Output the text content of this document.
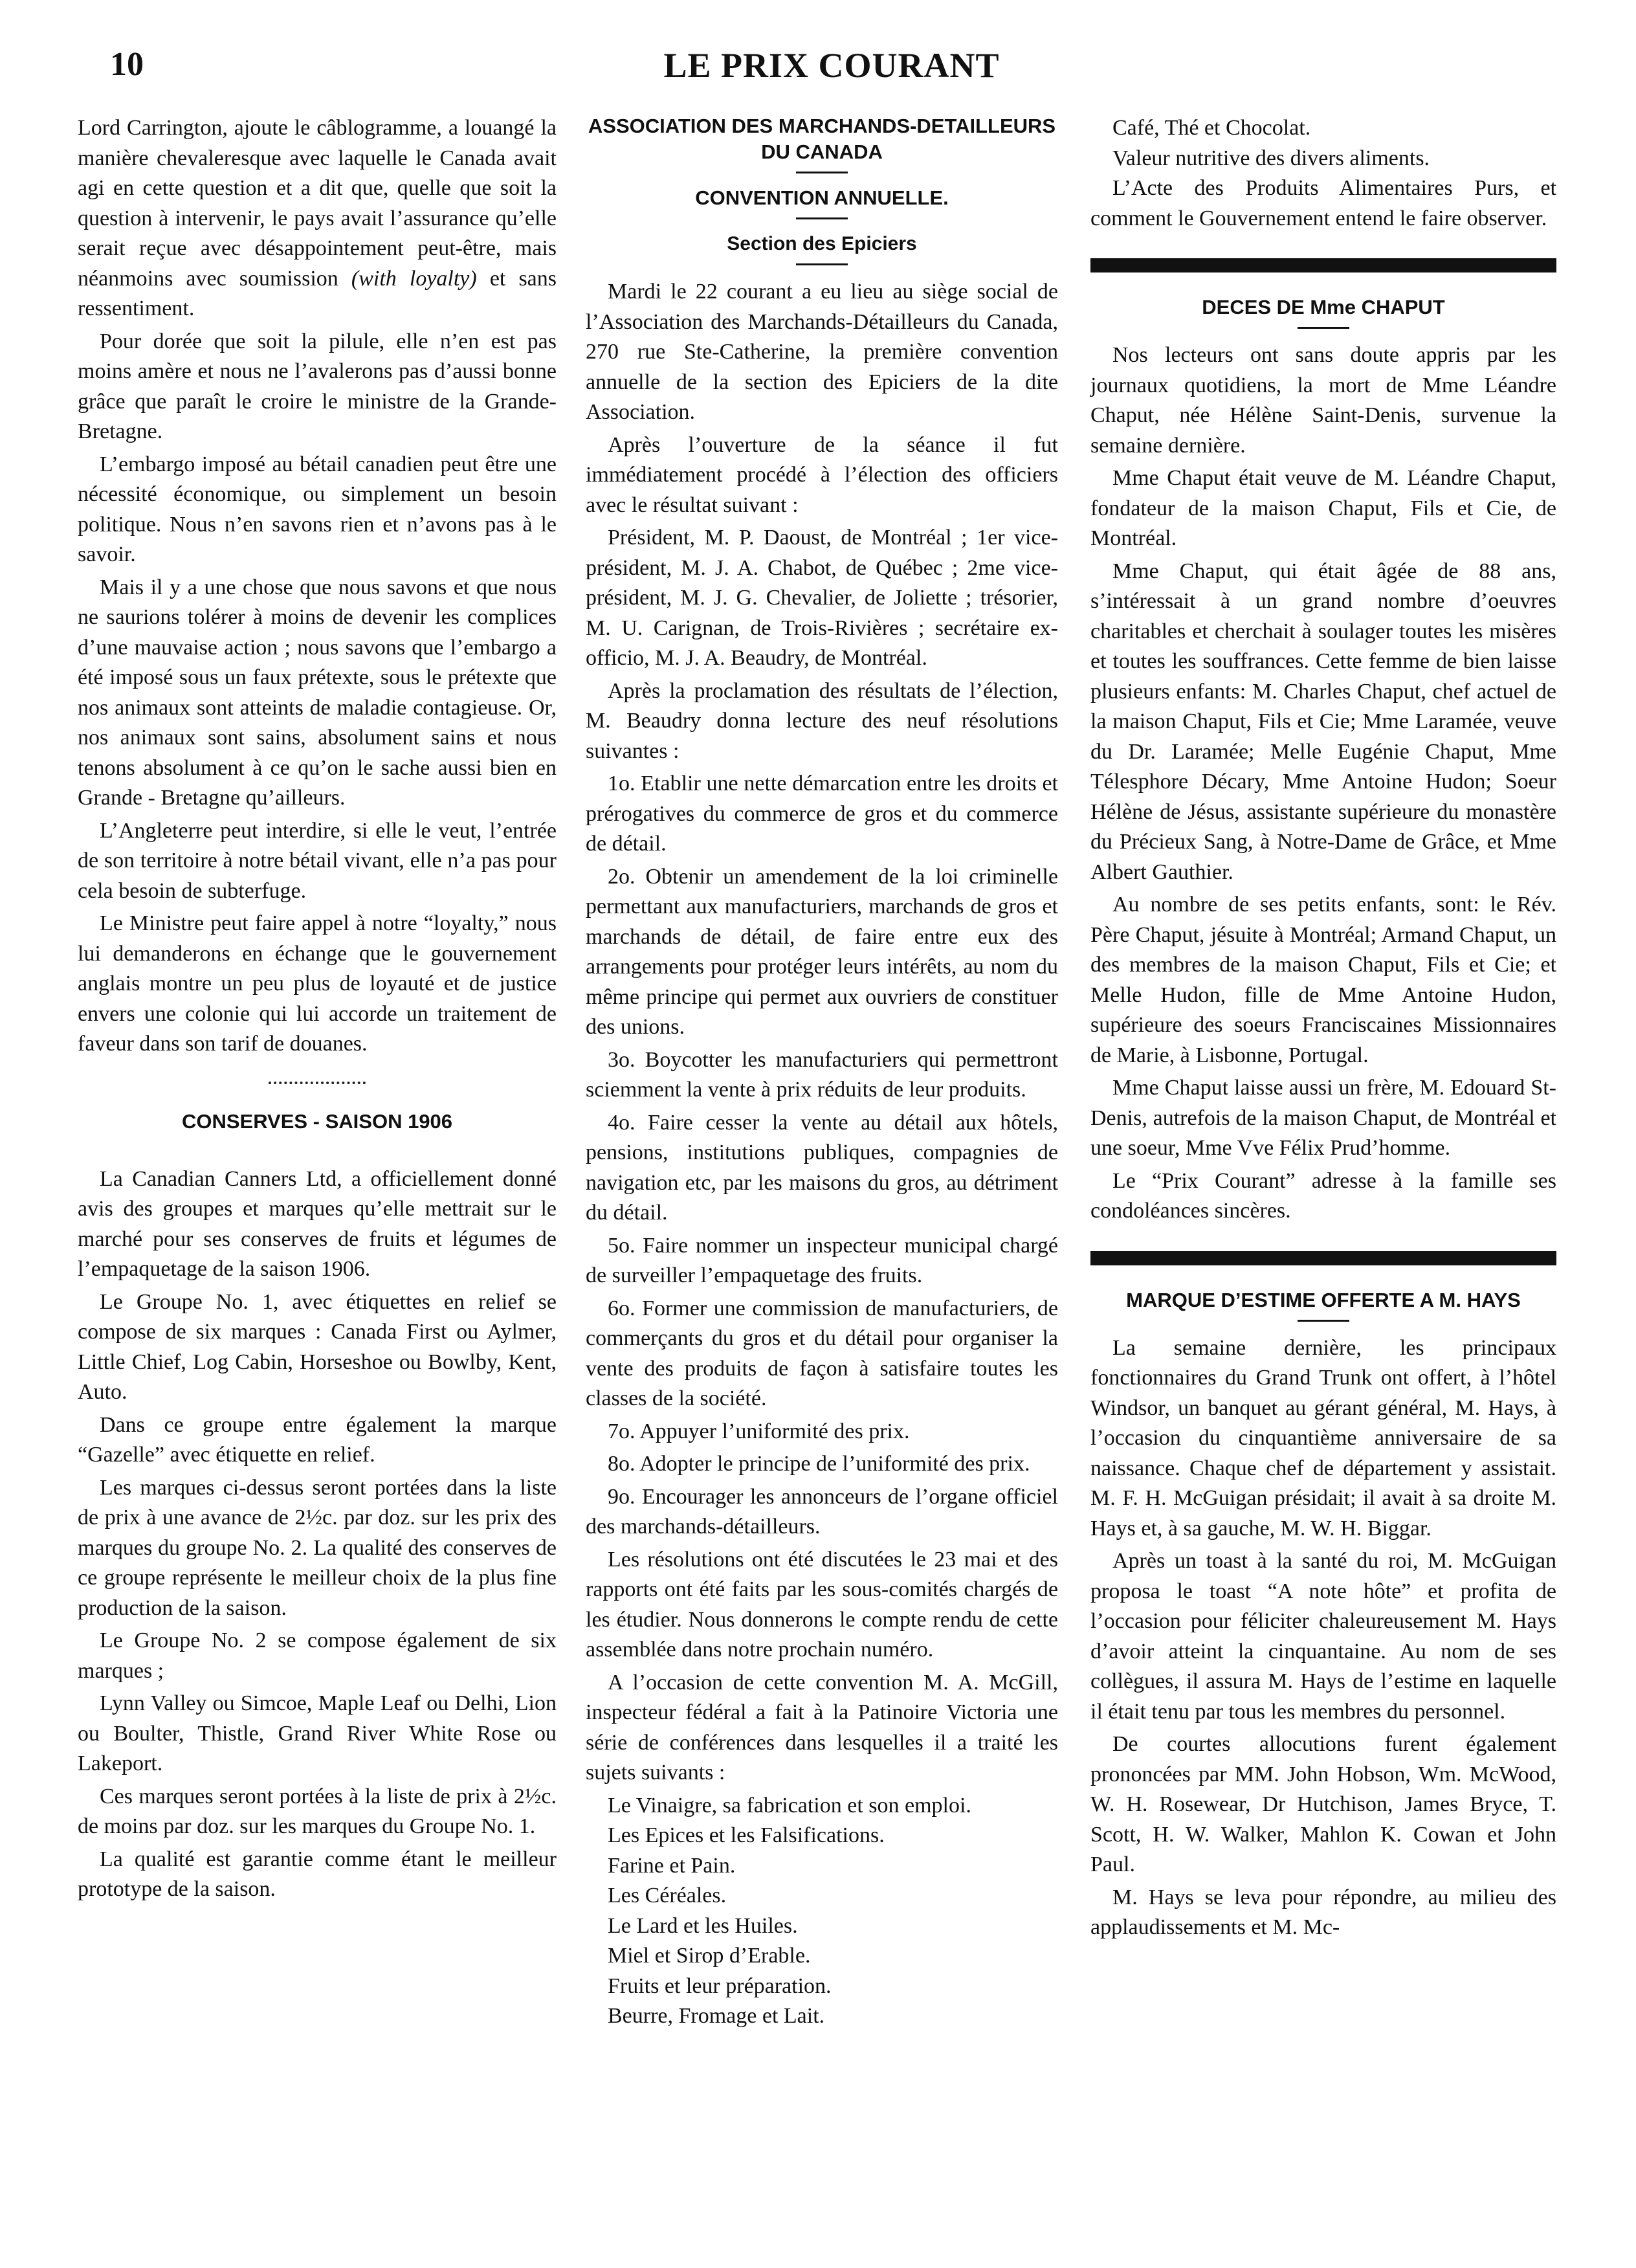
10	LE PRIX COURANT

Lord Carrington, ajoute le câblogramme, a louangé la manière chevaleresque avec laquelle le Canada avait agi en cette question et a dit que, quelle que soit la question à intervenir, le pays avait l’assurance qu’elle serait reçue avec désappointement peut-être, mais néanmoins avec soumission (with loyalty) et sans ressentiment.

Pour dorée que soit la pilule, elle n’en est pas moins amère et nous ne l’avalerons pas d’aussi bonne grâce que paraît le croire le ministre de la Grande-Bretagne.

L’embargo imposé au bétail canadien peut être une nécessité économique, ou simplement un besoin politique. Nous n’en savons rien et n’avons pas à le savoir.

Mais il y a une chose que nous savons et que nous ne saurions tolérer à moins de devenir les complices d’une mauvaise action ; nous savons que l’embargo a été imposé sous un faux prétexte, sous le prétexte que nos animaux sont atteints de maladie contagieuse. Or, nos animaux sont sains, absolument sains et nous tenons absolument à ce qu’on le sache aussi bien en Grande - Bretagne qu’ailleurs.

L’Angleterre peut interdire, si elle le veut, l’entrée de son territoire à notre bétail vivant, elle n’a pas pour cela besoin de subterfuge.

Le Ministre peut faire appel à notre “loyalty,” nous lui demanderons en échange que le gouvernement anglais montre un peu plus de loyauté et de justice envers une colonie qui lui accorde un traitement de faveur dans son tarif de douanes.

CONSERVES - SAISON 1906

La Canadian Canners Ltd, a officiellement donné avis des groupes et marques qu’elle mettrait sur le marché pour ses conserves de fruits et légumes de l’empaquetage de la saison 1906.

Le Groupe No. 1, avec étiquettes en relief se compose de six marques : Canada First ou Aylmer, Little Chief, Log Cabin, Horseshoe ou Bowlby, Kent, Auto.

Dans ce groupe entre également la marque “Gazelle” avec étiquette en relief.

Les marques ci-dessus seront portées dans la liste de prix à une avance de 2½c. par doz. sur les prix des marques du groupe No. 2. La qualité des conserves de ce groupe représente le meilleur choix de la plus fine production de la saison.

Le Groupe No. 2 se compose également de six marques ;

Lynn Valley ou Simcoe, Maple Leaf ou Delhi, Lion ou Boulter, Thistle, Grand River White Rose ou Lakeport.

Ces marques seront portées à la liste de prix à 2½c. de moins par doz. sur les marques du Groupe No. 1.

La qualité est garantie comme étant le meilleur prototype de la saison.

ASSOCIATION DES MARCHANDS-DETAILLEURS DU CANADA
CONVENTION ANNUELLE.
Section des Epiciers

Mardi le 22 courant a eu lieu au siège social de l’Association des Marchands-Détailleurs du Canada, 270 rue Ste-Catherine, la première convention annuelle de la section des Epiciers de la dite Association.

Après l’ouverture de la séance il fut immédiatement procédé à l’élection des officiers avec le résultat suivant :

Président, M. P. Daoust, de Montréal ; 1er vice-président, M. J. A. Chabot, de Québec ; 2me vice-président, M. J. G. Chevalier, de Joliette ; trésorier, M. U. Carignan, de Trois-Rivières ; secrétaire ex-officio, M. J. A. Beaudry, de Montréal.

Après la proclamation des résultats de l’élection, M. Beaudry donna lecture des neuf résolutions suivantes :

1o. Etablir une nette démarcation entre les droits et prérogatives du commerce de gros et du commerce de détail.

2o. Obtenir un amendement de la loi criminelle permettant aux manufacturiers, marchands de gros et marchands de détail, de faire entre eux des arrangements pour protéger leurs intérêts, au nom du même principe qui permet aux ouvriers de constituer des unions.

3o. Boycotter les manufacturiers qui permettront sciemment la vente à prix réduits de leur produits.

4o. Faire cesser la vente au détail aux hôtels, pensions, institutions publiques, compagnies de navigation etc, par les maisons du gros, au détriment du détail.

5o. Faire nommer un inspecteur municipal chargé de surveiller l’empaquetage des fruits.

6o. Former une commission de manufacturiers, de commerçants du gros et du détail pour organiser la vente des produits de façon à satisfaire toutes les classes de la société.

7o. Appuyer l’uniformité des prix.

8o. Adopter le principe de l’uniformité des prix.

9o. Encourager les annonceurs de l’organe officiel des marchands-détailleurs.

Les résolutions ont été discutées le 23 mai et des rapports ont été faits par les sous-comités chargés de les étudier. Nous donnerons le compte rendu de cette assemblée dans notre prochain numéro.

A l’occasion de cette convention M. A. McGill, inspecteur fédéral a fait à la Patinoire Victoria une série de conférences dans lesquelles il a traité les sujets suivants :

Le Vinaigre, sa fabrication et son emploi.

Les Epices et les Falsifications.

Farine et Pain.

Les Céréales.

Le Lard et les Huiles.

Miel et Sirop d’Erable.

Fruits et leur préparation.

Beurre, Fromage et Lait.

Café, Thé et Chocolat.

Valeur nutritive des divers aliments.

L’Acte des Produits Alimentaires Purs, et comment le Gouvernement entend le faire observer.

DECES DE Mme CHAPUT

Nos lecteurs ont sans doute appris par les journaux quotidiens, la mort de Mme Léandre Chaput, née Hélène Saint-Denis, survenue la semaine dernière.

Mme Chaput était veuve de M. Léandre Chaput, fondateur de la maison Chaput, Fils et Cie, de Montréal.

Mme Chaput, qui était âgée de 88 ans, s’intéressait à un grand nombre d’oeuvres charitables et cherchait à soulager toutes les misères et toutes les souffrances. Cette femme de bien laisse plusieurs enfants: M. Charles Chaput, chef actuel de la maison Chaput, Fils et Cie; Mme Laramée, veuve du Dr. Laramée; Melle Eugénie Chaput, Mme Télesphore Décary, Mme Antoine Hudon; Soeur Hélène de Jésus, assistante supérieure du monastère du Précieux Sang, à Notre-Dame de Grâce, et Mme Albert Gauthier.

Au nombre de ses petits enfants, sont: le Rév. Père Chaput, jésuite à Montréal; Armand Chaput, un des membres de la maison Chaput, Fils et Cie; et Melle Hudon, fille de Mme Antoine Hudon, supérieure des soeurs Franciscaines Missionnaires de Marie, à Lisbonne, Portugal.

Mme Chaput laisse aussi un frère, M. Edouard St-Denis, autrefois de la maison Chaput, de Montréal et une soeur, Mme Vve Félix Prud’homme.

Le “Prix Courant” adresse à la famille ses condoléances sincères.

MARQUE D’ESTIME OFFERTE A M. HAYS

La semaine dernière, les principaux fonctionnaires du Grand Trunk ont offert, à l’hôtel Windsor, un banquet au gérant général, M. Hays, à l’occasion du cinquantième anniversaire de sa naissance. Chaque chef de département y assistait. M. F. H. McGuigan présidait; il avait à sa droite M. Hays et, à sa gauche, M. W. H. Biggar.

Après un toast à la santé du roi, M. McGuigan proposa le toast “A note hôte” et profita de l’occasion pour féliciter chaleureusement M. Hays d’avoir atteint la cinquantaine. Au nom de ses collègues, il assura M. Hays de l’estime en laquelle il était tenu par tous les membres du personnel.

De courtes allocutions furent également prononcées par MM. John Hobson, Wm. McWood, W. H. Rosewear, Dr Hutchison, James Bryce, T. Scott, H. W. Walker, Mahlon K. Cowan et John Paul.

M. Hays se leva pour répondre, au milieu des applaudissements et M. Mc-
